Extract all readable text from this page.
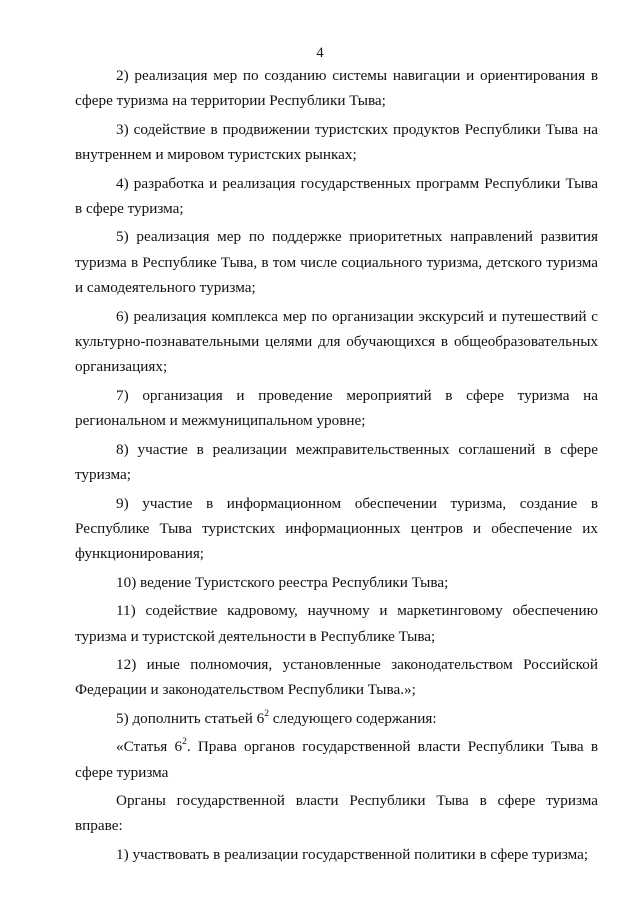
4

2) реализация мер по созданию системы навигации и ориентирования в сфере туризма на территории Республики Тыва;

3) содействие в продвижении туристских продуктов Республики Тыва на внутреннем и мировом туристских рынках;

4) разработка и реализация государственных программ Республики Тыва в сфере туризма;

5) реализация мер по поддержке приоритетных направлений развития туризма в Республике Тыва, в том числе социального туризма, детского туризма и самодеятельного туризма;

6) реализация комплекса мер по организации экскурсий и путешествий с культурно-познавательными целями для обучающихся в общеобразовательных организациях;

7) организация и проведение мероприятий в сфере туризма на региональном и межмуниципальном уровне;

8) участие в реализации межправительственных соглашений в сфере туризма;

9) участие в информационном обеспечении туризма, создание в Республике Тыва туристских информационных центров и обеспечение их функционирования;

10) ведение Туристского реестра Республики Тыва;

11) содействие кадровому, научному и маркетинговому обеспечению туризма и туристской деятельности в Республике Тыва;

12) иные полномочия, установленные законодательством Российской Федерации и законодательством Республики Тыва.»;

5) дополнить статьей $6^2$ следующего содержания:

«Статья $6^2$. Права органов государственной власти Республики Тыва в сфере туризма

Органы государственной власти Республики Тыва в сфере туризма вправе:

1) участвовать в реализации государственной политики в сфере туризма;
